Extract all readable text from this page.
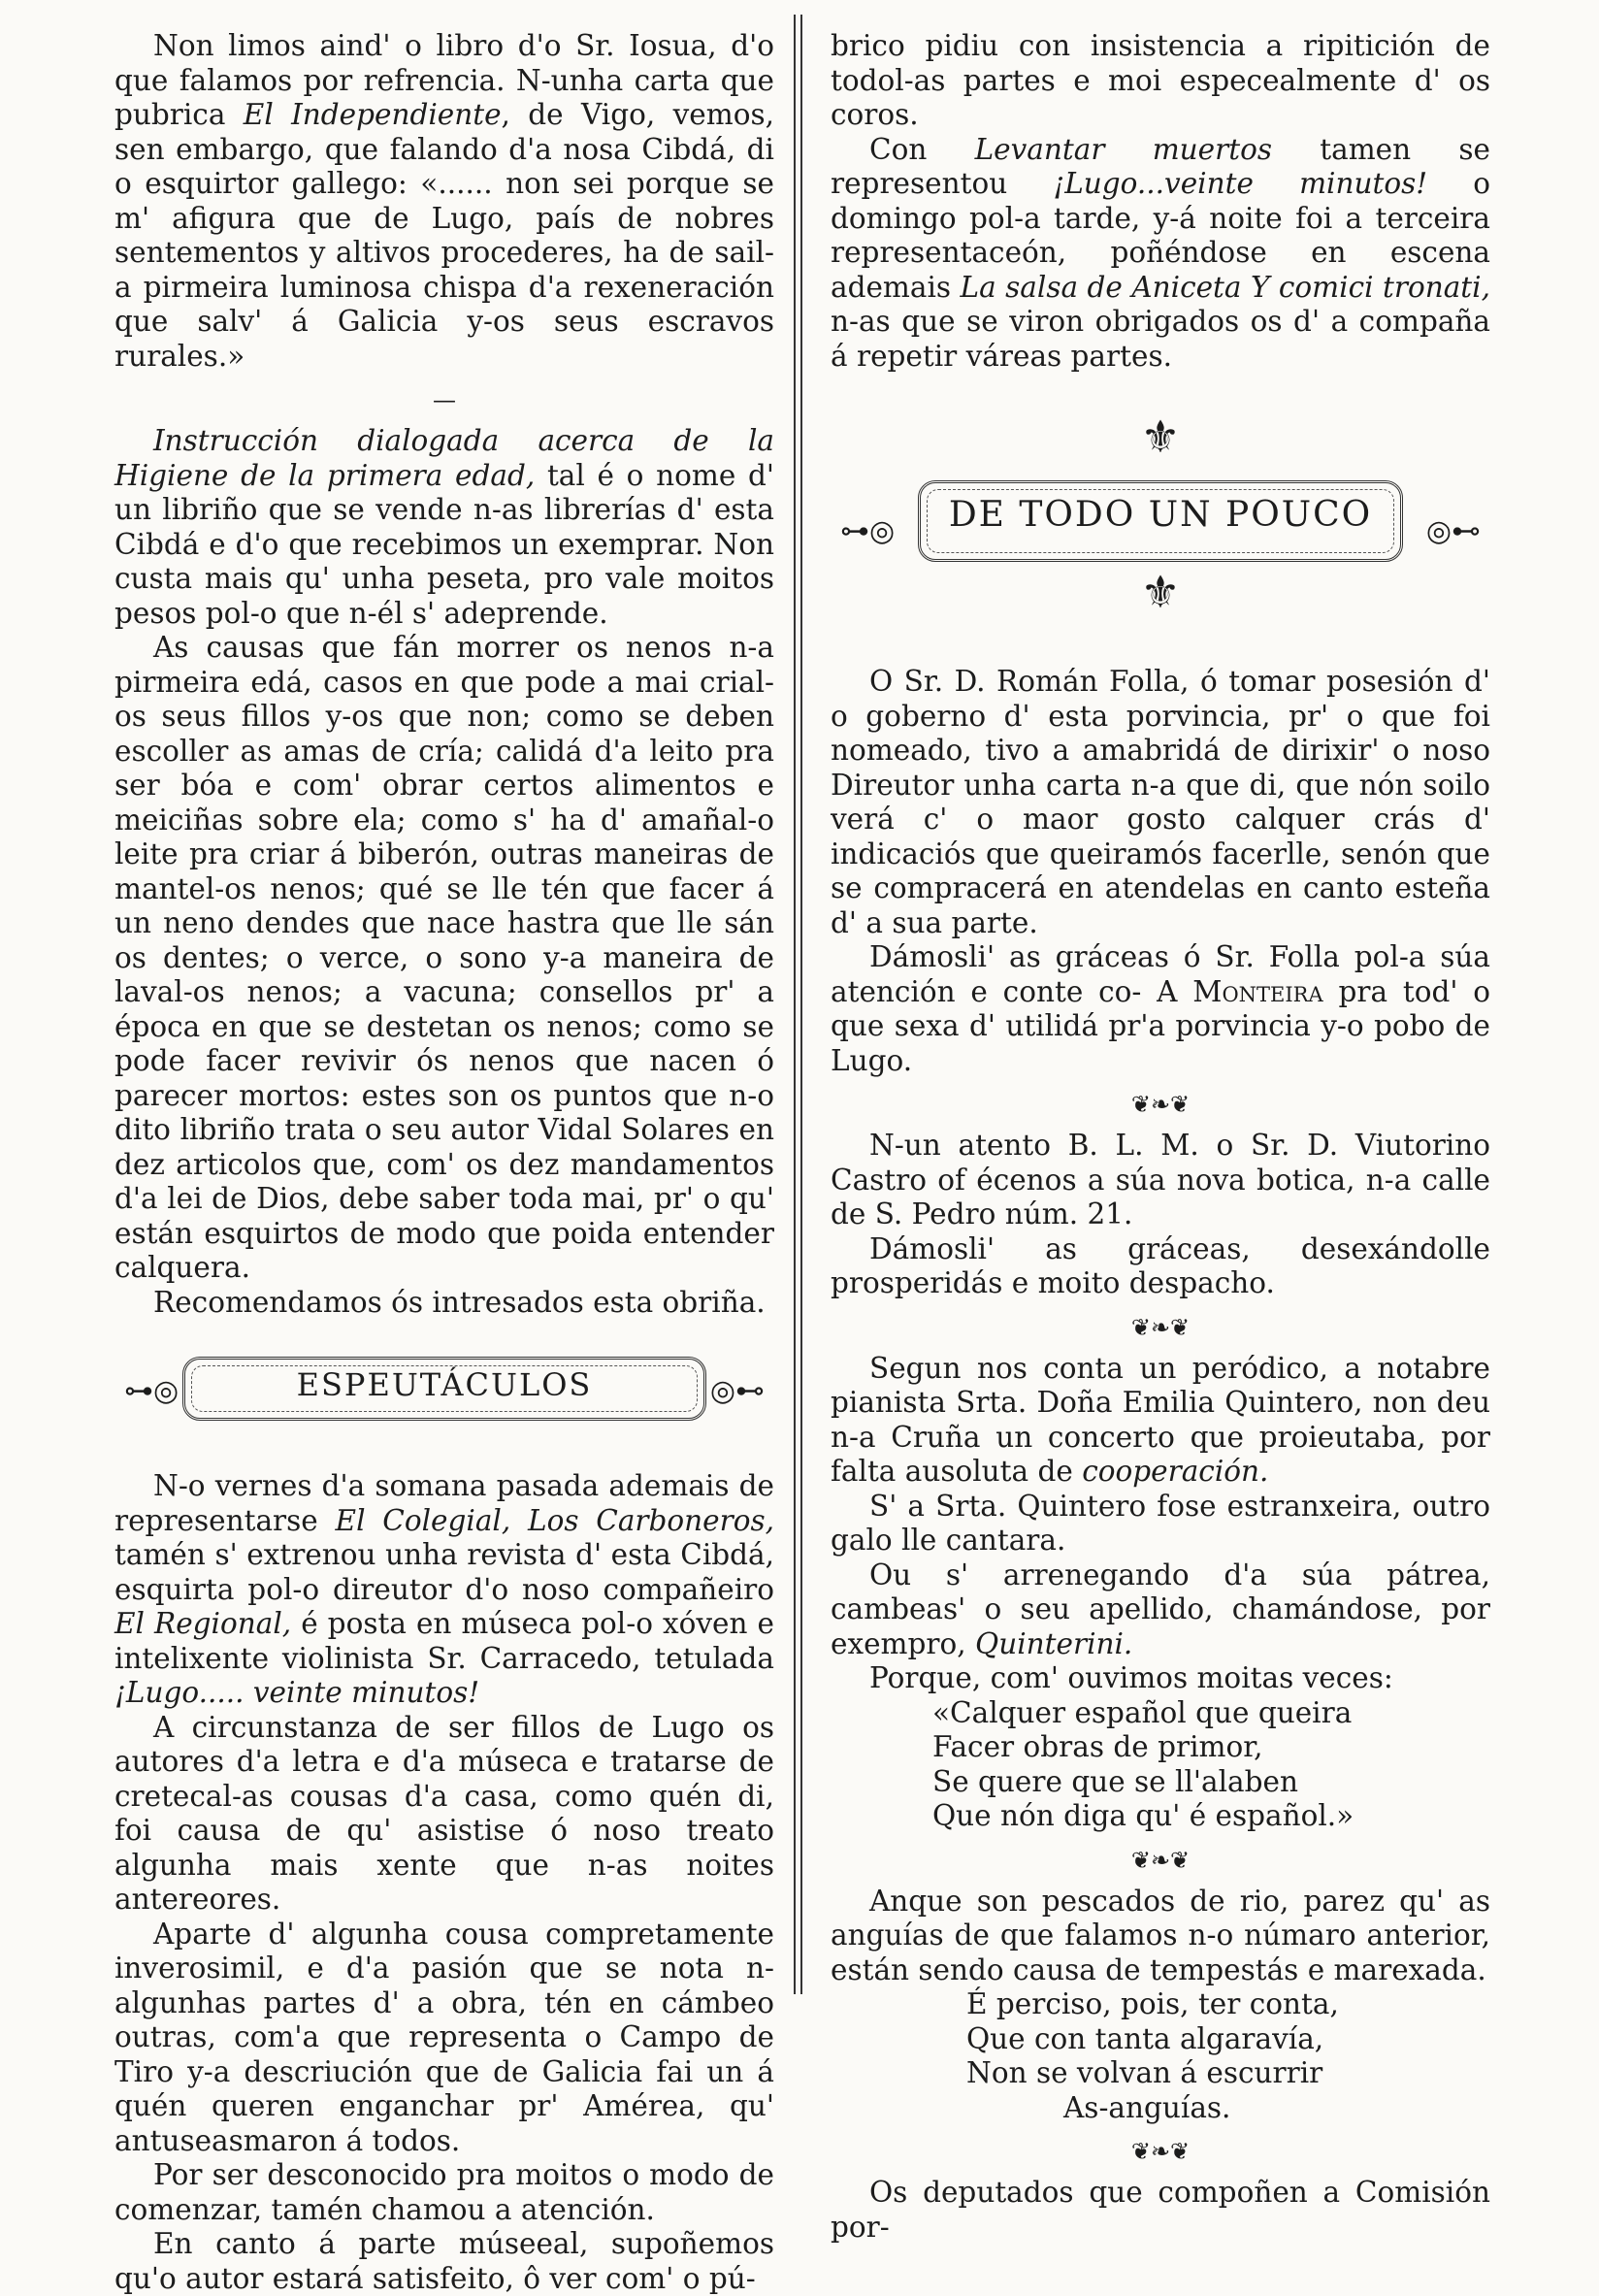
Non limos aind' o libro d'o Sr. Iosua, d'o que falamos por refrencia. N-unha carta que pubrica El Independiente, de Vigo, vemos, sen embargo, que falando d'a nosa Cibdá, di o esquirtor gallego: «...... non sei porque se m' afigura que de Lugo, país de nobres sentementos y altivos procederes, ha de sail-a pirmeira luminosa chispa d'a rexeneración que salv' á Galicia y-os seus escravos rurales.»

—

Instrucción dialogada acerca de la Higiene de la primera edad, tal é o nome d' un libriño que se vende n-as librerías d' esta Cibdá e d'o que recebimos un exemprar. Non custa mais qu' unha peseta, pro vale moitos pesos pol-o que n-él s' adeprende.

As causas que fán morrer os nenos n-a pirmeira edá, casos en que pode a mai crial-os seus fillos y-os que non; como se deben escoller as amas de cría; calidá d'a leito pra ser bóa e com' obrar certos alimentos e meiciñas sobre ela; como s' ha d' amañal-o leite pra criar á biberón, outras maneiras de mantel-os nenos; qué se lle tén que facer á un neno dendes que nace hastra que lle sán os dentes; o verce, o sono y-a maneira de laval-os nenos; a vacuna; consellos pr' a época en que se destetan os nenos; como se pode facer revivir ós nenos que nacen ó parecer mortos: estes son os puntos que n-o dito libriño trata o seu autor Vidal Solares en dez articolos que, com' os dez mandamentos d'a lei de Dios, debe saber toda mai, pr' o qu' están esquirtos de modo que poida entender calquera.

Recomendamos ós intresados esta obriña.

⊶◎	◎⊷
ESPEUTÁCULOS

N-o vernes d'a somana pasada ademais de representarse El Colegial, Los Carboneros, tamén s' extrenou unha revista d' esta Cibdá, esquirta pol-o direutor d'o noso compañeiro El Regional, é posta en múseca pol-o xóven e intelixente violinista Sr. Carracedo, tetulada ¡Lugo..... veinte minutos!

A circunstanza de ser fillos de Lugo os autores d'a letra e d'a múseca e tratarse de cretecal-as cousas d'a casa, como quén di, foi causa de qu' asistise ó noso treato algunha mais xente que n-as noites antereores.

Aparte d' algunha cousa compretamente inverosimil, e d'a pasión que se nota n-algunhas partes d' a obra, tén en cámbeo outras, com'a que representa o Campo de Tiro y-a descriución que de Galicia fai un á quén queren enganchar pr' Amérea, qu' antuseasmaron á todos.

Por ser desconocido pra moitos o modo de comenzar, tamén chamou a atención.

En canto á parte múseeal, supoñemos qu'o autor estará satisfeito, ô ver com' o pú-

brico pidiu con insistencia a ripitición de todol-as partes e moi especealmente d' os coros.

Con Levantar muertos tamen se representou ¡Lugo...veinte minutos! o domingo pol-a tarde, y-á noite foi a terceira representaceón, poñéndose en escena ademais La salsa de Aniceta Y comici tronati, n-as que se viron obrigados os d' a compaña á repetir váreas partes.

⚜
⊶◎	◎⊷
DE TODO UN POUCO
⚜

O Sr. D. Román Folla, ó tomar posesión d' o goberno d' esta porvincia, pr' o que foi nomeado, tivo a amabridá de dirixir' o noso Direutor unha carta n-a que di, que nón soilo verá c' o maor gosto calquer crás d' indicaciós que queiramós facerlle, senón que se compracerá en atendelas en canto esteña d' a sua parte.

Dámosli' as gráceas ó Sr. Folla pol-a súa atención e conte co- A Monteira pra tod' o que sexa d' utilidá pr'a porvincia y-o pobo de Lugo.

❦❧❦

N-un atento B. L. M. o Sr. D. Viutorino Castro of écenos a súa nova botica, n-a calle de S. Pedro núm. 21.

Dámosli' as gráceas, desexándolle prosperidás e moito despacho.

❦❧❦

Segun nos conta un peródico, a notabre pianista Srta. Doña Emilia Quintero, non deu n-a Cruña un concerto que proieutaba, por falta ausoluta de cooperación.

S' a Srta. Quintero fose estranxeira, outro galo lle cantara.

Ou s' arrenegando d'a súa pátrea, cambeas' o seu apellido, chamándose, por exempro, Quinterini.

Porque, com' ouvimos moitas veces:

«Calquer español que queira

Facer obras de primor,

Se quere que se ll'alaben

Que nón diga qu' é español.»

❦❧❦

Anque son pescados de rio, parez qu' as anguías de que falamos n-o númaro anterior, están sendo causa de tempestás e marexada.

É perciso, pois, ter conta,

Que con tanta algaravía,

Non se volvan á escurrir

As-anguías.

❦❧❦

Os deputados que compoñen a Comisión por-
